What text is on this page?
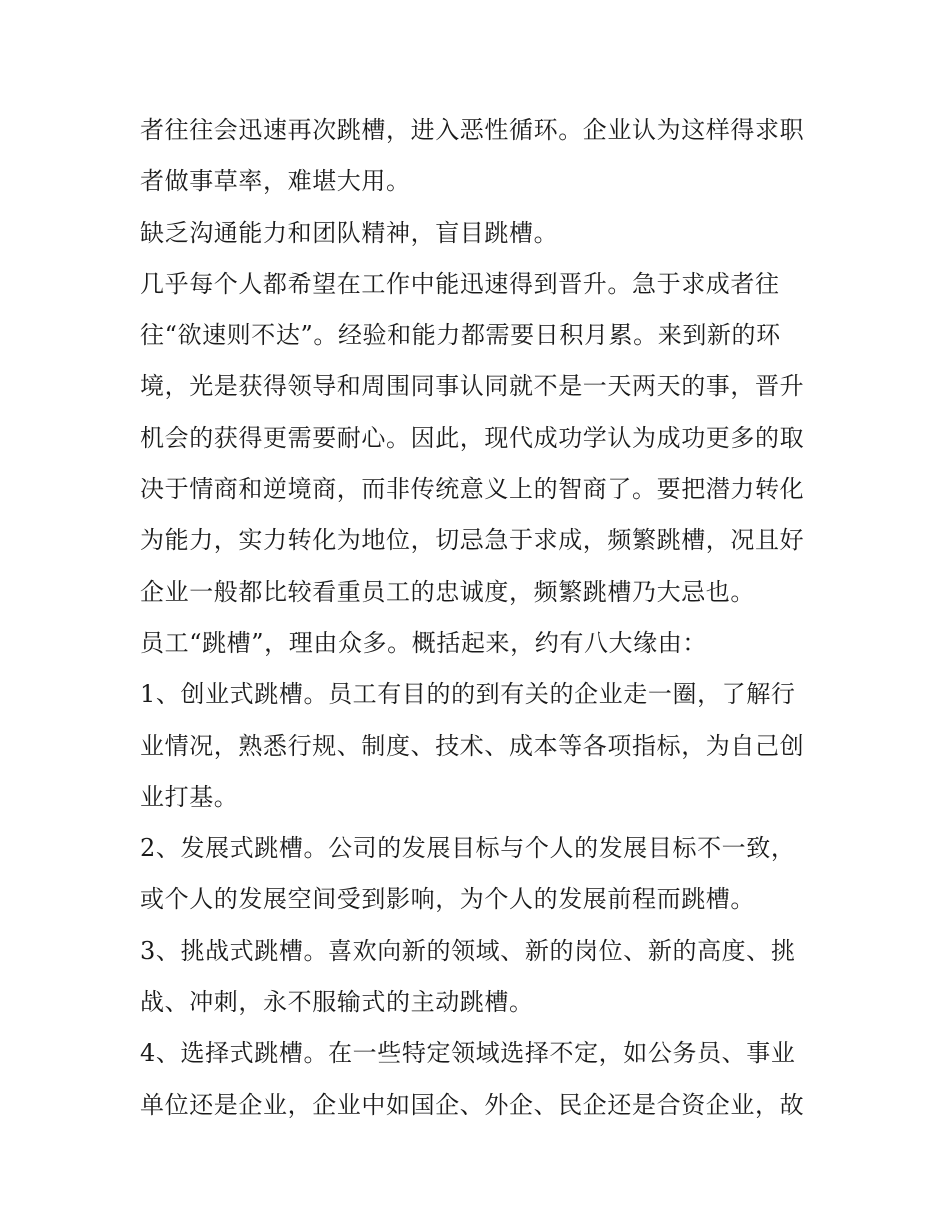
者往往会迅速再次跳槽，进入恶性循环。企业认为这样得求职
者做事草率，难堪大用。
缺乏沟通能力和团队精神，盲目跳槽。
几乎每个人都希望在工作中能迅速得到晋升。急于求成者往
往“欲速则不达”。经验和能力都需要日积月累。来到新的环
境，光是获得领导和周围同事认同就不是一天两天的事，晋升
机会的获得更需要耐心。因此，现代成功学认为成功更多的取
决于情商和逆境商，而非传统意义上的智商了。要把潜力转化
为能力，实力转化为地位，切忌急于求成，频繁跳槽，况且好
企业一般都比较看重员工的忠诚度，频繁跳槽乃大忌也。
员工“跳槽”，理由众多。概括起来，约有八大缘由：
1、创业式跳槽。员工有目的的到有关的企业走一圈，了解行
业情况，熟悉行规、制度、技术、成本等各项指标，为自己创
业打基。
2、发展式跳槽。公司的发展目标与个人的发展目标不一致，
或个人的发展空间受到影响，为个人的发展前程而跳槽。
3、挑战式跳槽。喜欢向新的领域、新的岗位、新的高度、挑
战、冲刺，永不服输式的主动跳槽。
4、选择式跳槽。在一些特定领域选择不定，如公务员、事业
单位还是企业，企业中如国企、外企、民企还是合资企业，故
